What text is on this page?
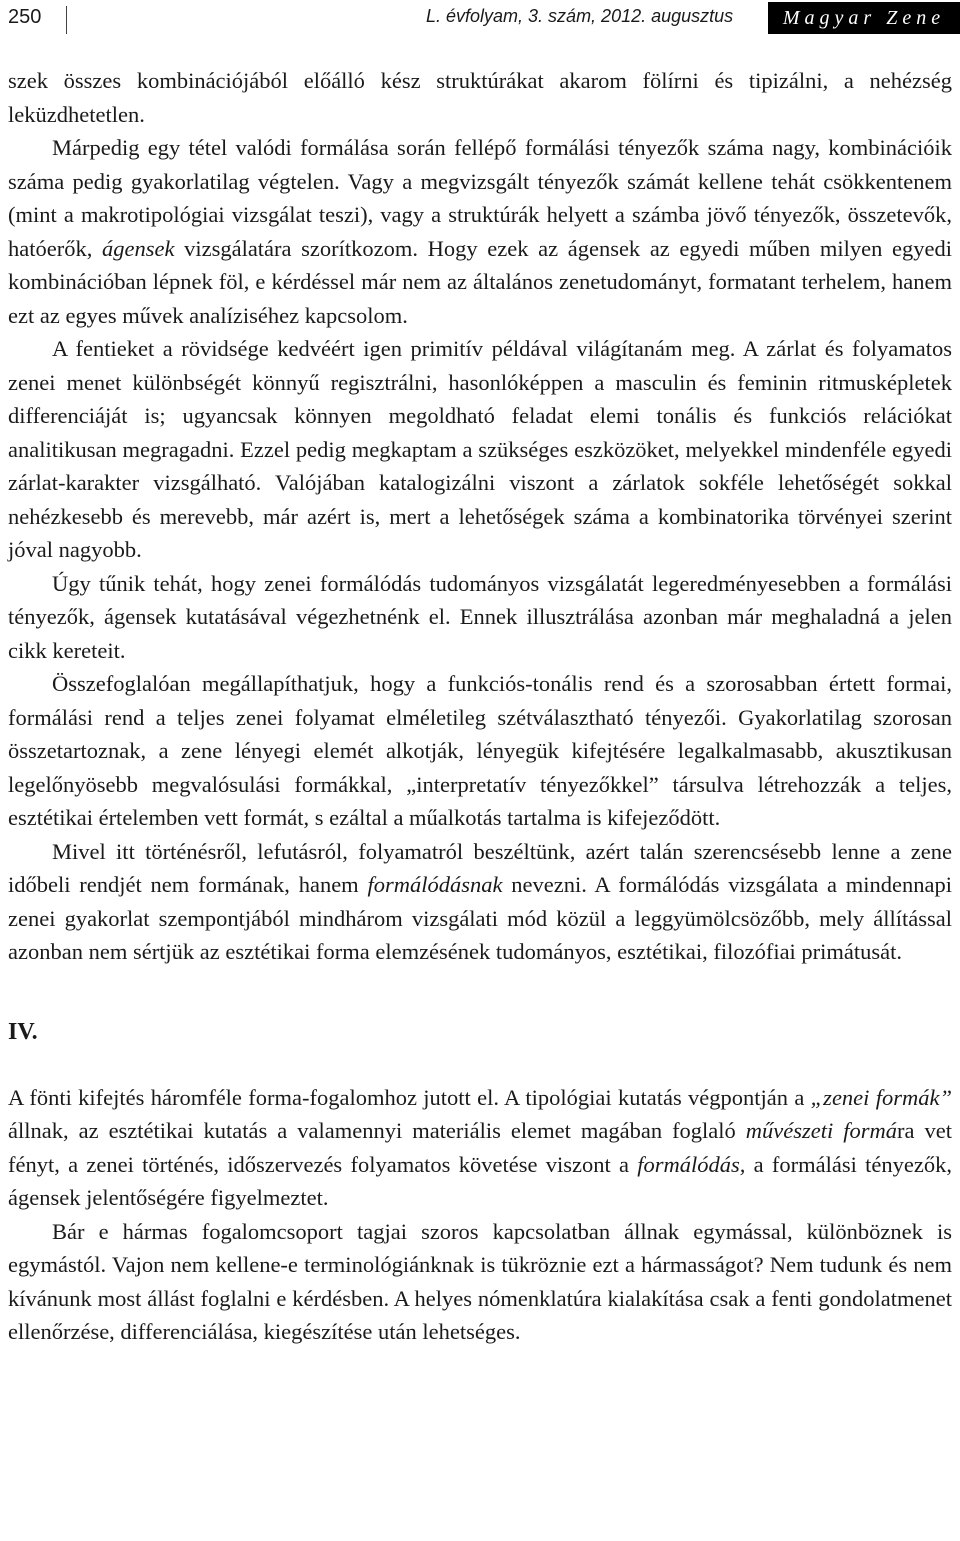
250	L. évfolyam, 3. szám, 2012. augusztus	Magyar Zene

szek összes kombinációjából előálló kész struktúrákat akarom fölírni és tipizálni, a nehézség leküzdhetetlen.

Márpedig egy tétel valódi formálása során fellépő formálási tényezők száma nagy, kombinációik száma pedig gyakorlatilag végtelen. Vagy a megvizsgált tényezők számát kellene tehát csökkentenem (mint a makrotipológiai vizsgálat teszi), vagy a struktúrák helyett a számba jövő tényezők, összetevők, hatóerők, ágensek vizsgálatára szorítkozom. Hogy ezek az ágensek az egyedi műben milyen egyedi kombinációban lépnek föl, e kérdéssel már nem az általános zenetudományt, formatant terhelem, hanem ezt az egyes művek analíziséhez kapcsolom.

A fentieket a rövidsége kedvéért igen primitív példával világítanám meg. A zárlat és folyamatos zenei menet különbségét könnyű regisztrálni, hasonlóképpen a masculin és feminin ritmusképletek differenciáját is; ugyancsak könnyen megoldható feladat elemi tonális és funkciós relációkat analitikusan megragadni. Ezzel pedig megkaptam a szükséges eszközöket, melyekkel mindenféle egyedi zárlat-karakter vizsgálható. Valójában katalogizálni viszont a zárlatok sokféle lehetőségét sokkal nehézkesebb és merevebb, már azért is, mert a lehetőségek száma a kombinatorika törvényei szerint jóval nagyobb.

Úgy tűnik tehát, hogy zenei formálódás tudományos vizsgálatát legeredményesebben a formálási tényezők, ágensek kutatásával végezhetnénk el. Ennek illusztrálása azonban már meghaladná a jelen cikk kereteit.

Összefoglalóan megállapíthatjuk, hogy a funkciós-tonális rend és a szorosabban értett formai, formálási rend a teljes zenei folyamat elméletileg szétválasztható tényezői. Gyakorlatilag szorosan összetartoznak, a zene lényegi elemét alkotják, lényegük kifejtésére legalkalmasabb, akusztikusan legelőnyösebb megvalósulási formákkal, „interpretatív tényezőkkel” társulva létrehozzák a teljes, esztétikai értelemben vett formát, s ezáltal a műalkotás tartalma is kifejeződött.

Mivel itt történésről, lefutásról, folyamatról beszéltünk, azért talán szerencsésebb lenne a zene időbeli rendjét nem formának, hanem formálódásnak nevezni. A formálódás vizsgálata a mindennapi zenei gyakorlat szempontjából mindhárom vizsgálati mód közül a leggyümölcsözőbb, mely állítással azonban nem sértjük az esztétikai forma elemzésének tudományos, esztétikai, filozófiai primátusát.

IV.

A fönti kifejtés háromféle forma-fogalomhoz jutott el. A tipológiai kutatás végpontján a „zenei formák” állnak, az esztétikai kutatás a valamennyi materiális elemet magában foglaló művészeti formára vet fényt, a zenei történés, időszervezés folyamatos követése viszont a formálódás, a formálási tényezők, ágensek jelentőségére figyelmeztet.

Bár e hármas fogalomcsoport tagjai szoros kapcsolatban állnak egymással, különböznek is egymástól. Vajon nem kellene-e terminológiánknak is tükröznie ezt a hármasságot? Nem tudunk és nem kívánunk most állást foglalni e kérdésben. A helyes nómenklatúra kialakítása csak a fenti gondolatmenet ellenőrzése, differenciálása, kiegészítése után lehetséges.
